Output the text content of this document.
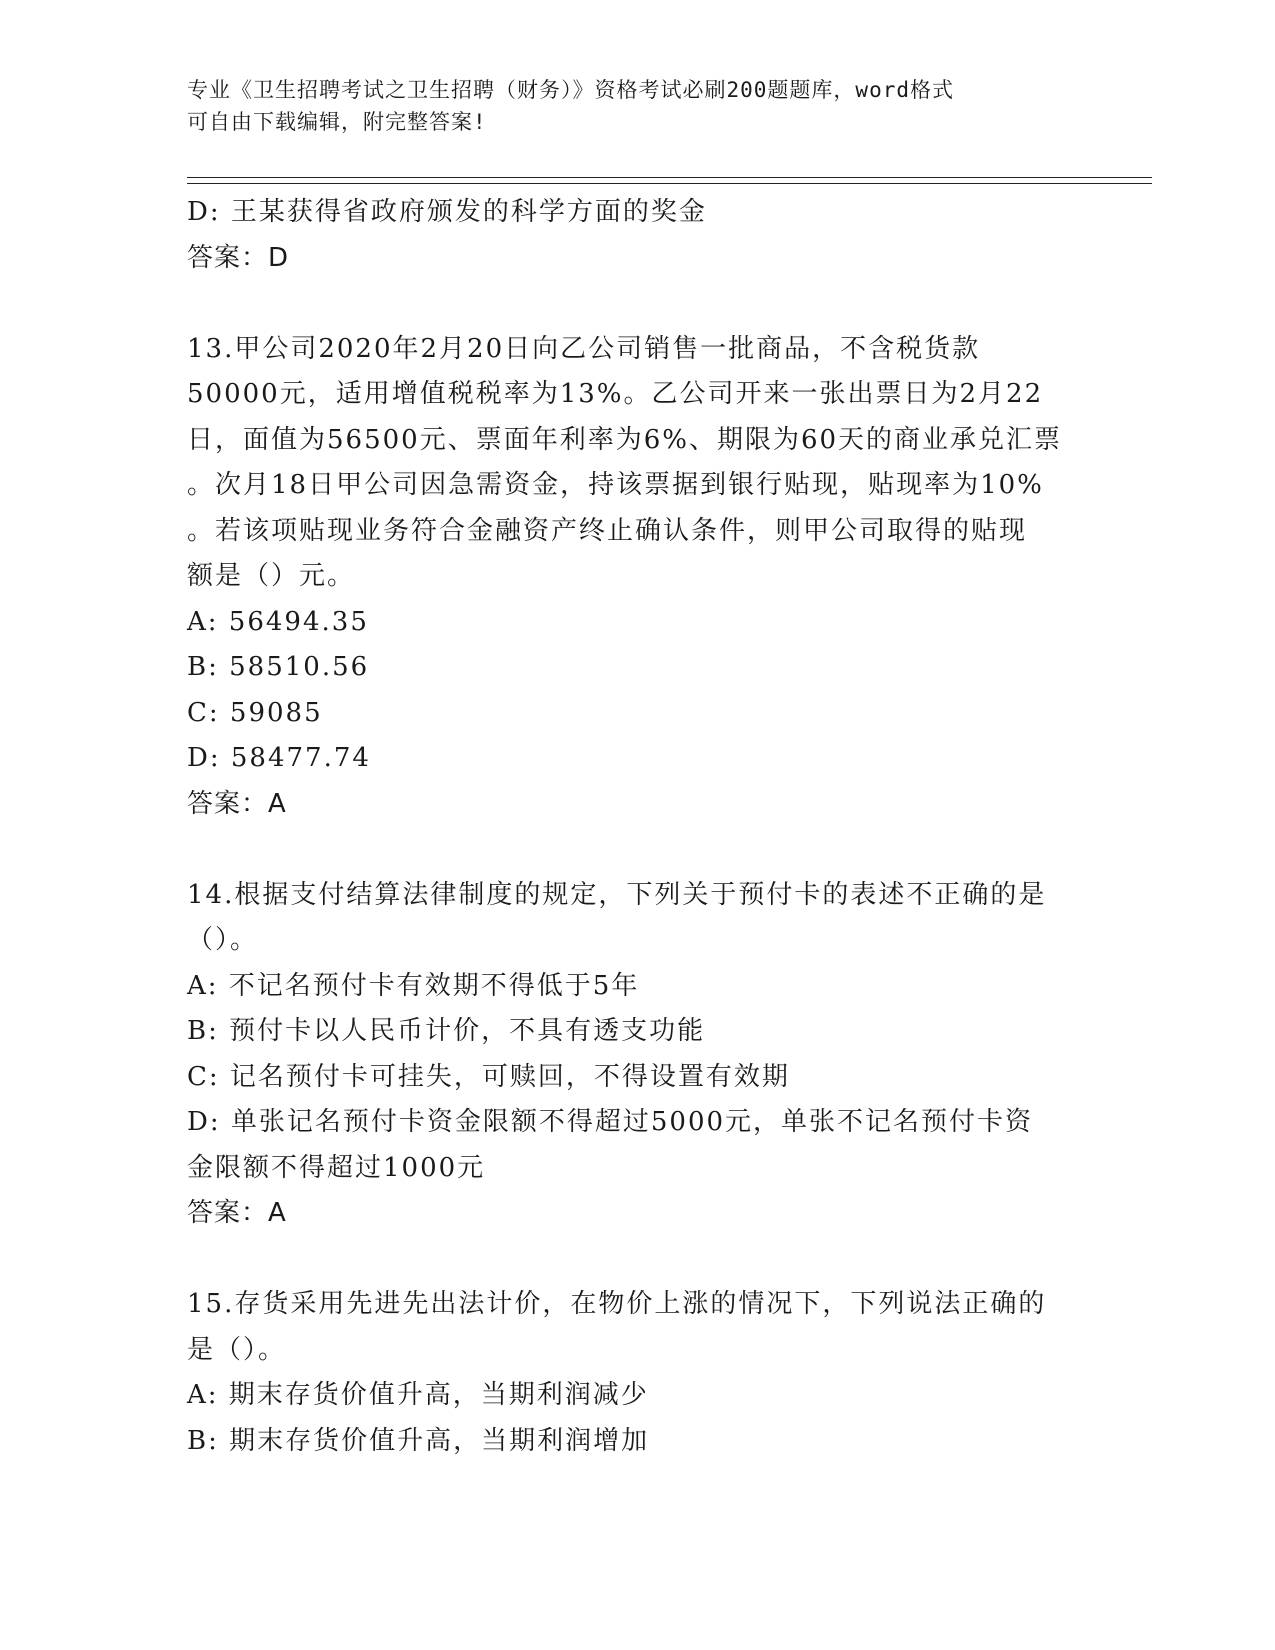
专业《卫生招聘考试之卫生招聘（财务）》资格考试必刷200题题库，word格式
可自由下载编辑，附完整答案!
D: 王某获得省政府颁发的科学方面的奖金
答案：D
13.甲公司2020年2月20日向乙公司销售一批商品，不含税货款
50000元，适用增值税税率为13%。乙公司开来一张出票日为2月22
日，面值为56500元、票面年利率为6%、期限为60天的商业承兑汇票
。次月18日甲公司因急需资金，持该票据到银行贴现，贴现率为10%
。若该项贴现业务符合金融资产终止确认条件，则甲公司取得的贴现
额是（）元。
A: 56494.35
B: 58510.56
C: 59085
D: 58477.74
答案：A
14.根据支付结算法律制度的规定，下列关于预付卡的表述不正确的是
（）。
A: 不记名预付卡有效期不得低于5年
B: 预付卡以人民币计价，不具有透支功能
C: 记名预付卡可挂失，可赎回，不得设置有效期
D: 单张记名预付卡资金限额不得超过5000元，单张不记名预付卡资
金限额不得超过1000元
答案：A
15.存货采用先进先出法计价，在物价上涨的情况下，下列说法正确的
是（）。
A: 期末存货价值升高，当期利润减少
B: 期末存货价值升高，当期利润增加
